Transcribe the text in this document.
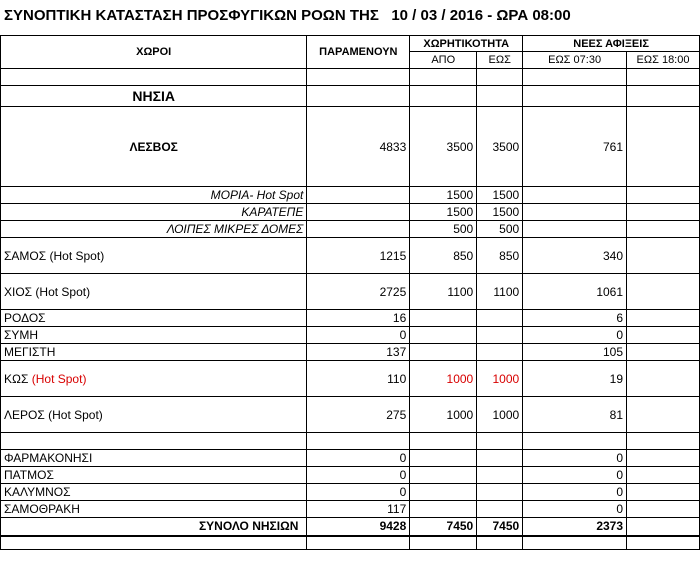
ΣΥΝΟΠΤΙΚΗ ΚΑΤΑΣΤΑΣΗ ΠΡΟΣΦΥΓΙΚΩΝ ΡΟΩΝ ΤΗΣ   10 / 03 / 2016 - ΩΡΑ 08:00
ΧΩΡΟΙ	ΠΑΡΑΜΕΝΟΥΝ	ΧΩΡΗΤΙΚΟΤΗΤΑ		ΝΕΕΣ ΑΦΙΞΕΙΣ	
		ΑΠΟ	ΕΩΣ	ΕΩΣ 07:30	ΕΩΣ 18:00

ΝΗΣΙΑ					
ΛΕΣΒΟΣ	4833	3500	3500	761	
ΜΟΡΙΑ- Hot Spot		1500	1500		
ΚΑΡΑΤΕΠΕ		1500	1500		
ΛΟΙΠΕΣ ΜΙΚΡΕΣ ΔΟΜΕΣ		500	500		
ΣΑΜΟΣ (Hot Spot)	1215	850	850	340	
ΧΙΟΣ (Hot Spot)	2725	1100	1100	1061	
ΡΟΔΟΣ	16			6	
ΣΥΜΗ	0			0	
ΜΕΓΙΣΤΗ	137			105	
ΚΩΣ (Hot Spot)	110	1000	1000	19	
ΛΕΡΟΣ (Hot Spot)	275	1000	1000	81	

ΦΑΡΜΑΚΟΝΗΣΙ	0			0	
ΠΑΤΜΟΣ	0			0	
ΚΑΛΥΜΝΟΣ	0			0	
ΣΑΜΟΘΡΑΚΗ	117			0	
ΣΥΝΟΛΟ ΝΗΣΙΩΝ	9428	7450	7450	2373	
